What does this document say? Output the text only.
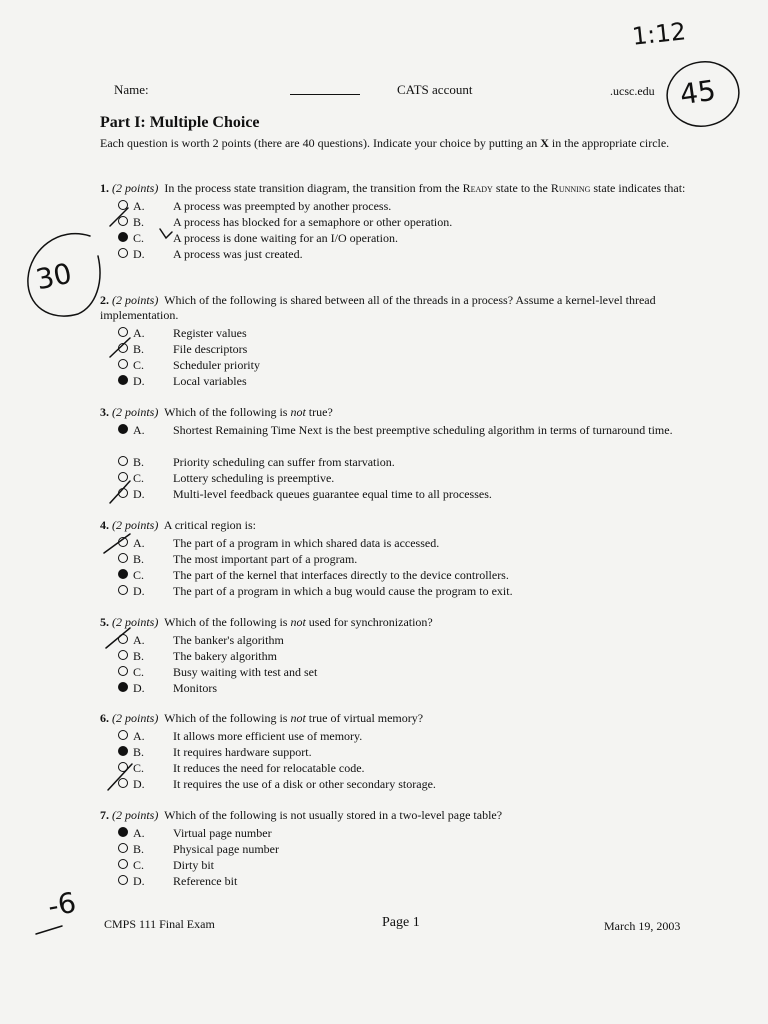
Name:	CATS account	.ucsc.edu
1:12
45
30
-6
Part I: Multiple Choice
Each question is worth 2 points (there are 40 questions). Indicate your choice by putting an X in the appropriate circle.
1. (2 points) In the process state transition diagram, the transition from the Ready state to the Running state indicates that:
A.	A process was preempted by another process.
B.	A process has blocked for a semaphore or other operation.
C.	A process is done waiting for an I/O operation.
D.	A process was just created.
2. (2 points) Which of the following is shared between all of the threads in a process? Assume a kernel-level thread implementation.
A.	Register values
B.	File descriptors
C.	Scheduler priority
D.	Local variables
3. (2 points) Which of the following is not true?
A.	Shortest Remaining Time Next is the best preemptive scheduling algorithm in terms of turnaround time.
B.	Priority scheduling can suffer from starvation.
C.	Lottery scheduling is preemptive.
D.	Multi-level feedback queues guarantee equal time to all processes.
4. (2 points) A critical region is:
A.	The part of a program in which shared data is accessed.
B.	The most important part of a program.
C.	The part of the kernel that interfaces directly to the device controllers.
D.	The part of a program in which a bug would cause the program to exit.
5. (2 points) Which of the following is not used for synchronization?
A.	The banker's algorithm
B.	The bakery algorithm
C.	Busy waiting with test and set
D.	Monitors
6. (2 points) Which of the following is not true of virtual memory?
A.	It allows more efficient use of memory.
B.	It requires hardware support.
C.	It reduces the need for relocatable code.
D.	It requires the use of a disk or other secondary storage.
7. (2 points) Which of the following is not usually stored in a two-level page table?
A.	Virtual page number
B.	Physical page number
C.	Dirty bit
D.	Reference bit
CMPS 111 Final Exam	Page 1	March 19, 2003
